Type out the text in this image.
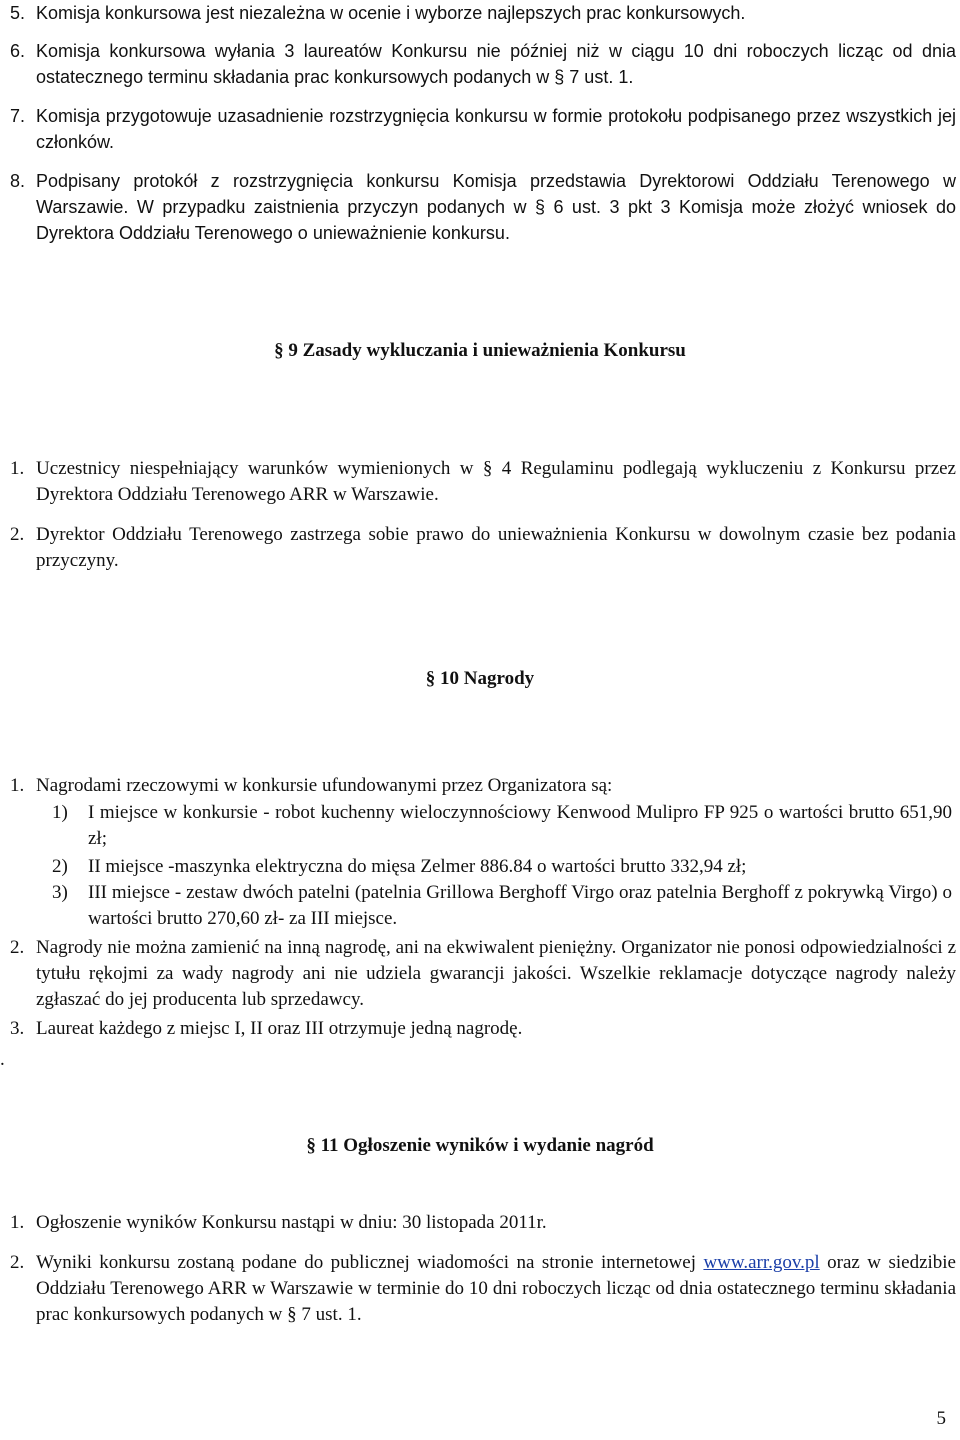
5. Komisja konkursowa jest niezależna w ocenie i wyborze najlepszych prac konkursowych.
6. Komisja konkursowa wyłania 3 laureatów Konkursu nie później niż w ciągu 10 dni roboczych licząc od dnia ostatecznego terminu składania prac konkursowych podanych w § 7 ust. 1.
7. Komisja przygotowuje uzasadnienie rozstrzygnięcia konkursu w formie protokołu podpisanego przez wszystkich jej członków.
8. Podpisany protokół z rozstrzygnięcia konkursu Komisja przedstawia Dyrektorowi Oddziału Terenowego w Warszawie. W przypadku zaistnienia przyczyn podanych w § 6 ust. 3 pkt 3 Komisja może złożyć wniosek do Dyrektora Oddziału Terenowego o unieważnienie konkursu.
§ 9 Zasady wykluczania i unieważnienia Konkursu
1. Uczestnicy niespełniający warunków wymienionych w § 4 Regulaminu podlegają wykluczeniu z Konkursu przez Dyrektora Oddziału Terenowego ARR w Warszawie.
2. Dyrektor Oddziału Terenowego zastrzega sobie prawo do unieważnienia Konkursu w dowolnym czasie bez podania przyczyny.
§ 10 Nagrody
1. Nagrodami rzeczowymi w konkursie ufundowanymi przez Organizatora są:
1) I miejsce w konkursie - robot kuchenny wieloczynnościowy Kenwood Mulipro FP 925 o wartości brutto 651,90 zł;
2) II miejsce -maszynka elektryczna do mięsa Zelmer 886.84 o wartości brutto 332,94 zł;
3) III miejsce - zestaw dwóch patelni (patelnia Grillowa Berghoff Virgo oraz patelnia Berghoff z pokrywką Virgo) o wartości brutto 270,60 zł- za III miejsce.
2. Nagrody nie można zamienić na inną nagrodę, ani na ekwiwalent pieniężny. Organizator nie ponosi odpowiedzialności z tytułu rękojmi za wady nagrody ani nie udziela gwarancji jakości. Wszelkie reklamacje dotyczące nagrody należy zgłaszać do jej producenta lub sprzedawcy.
3. Laureat każdego z miejsc I, II oraz III otrzymuje jedną nagrodę.
.
§ 11 Ogłoszenie wyników i wydanie nagród
1. Ogłoszenie wyników Konkursu nastąpi w dniu: 30 listopada 2011r.
2. Wyniki konkursu zostaną podane do publicznej wiadomości na stronie internetowej www.arr.gov.pl oraz w siedzibie Oddziału Terenowego ARR w Warszawie w terminie do 10 dni roboczych licząc od dnia ostatecznego terminu składania prac konkursowych podanych w § 7 ust. 1.
5
